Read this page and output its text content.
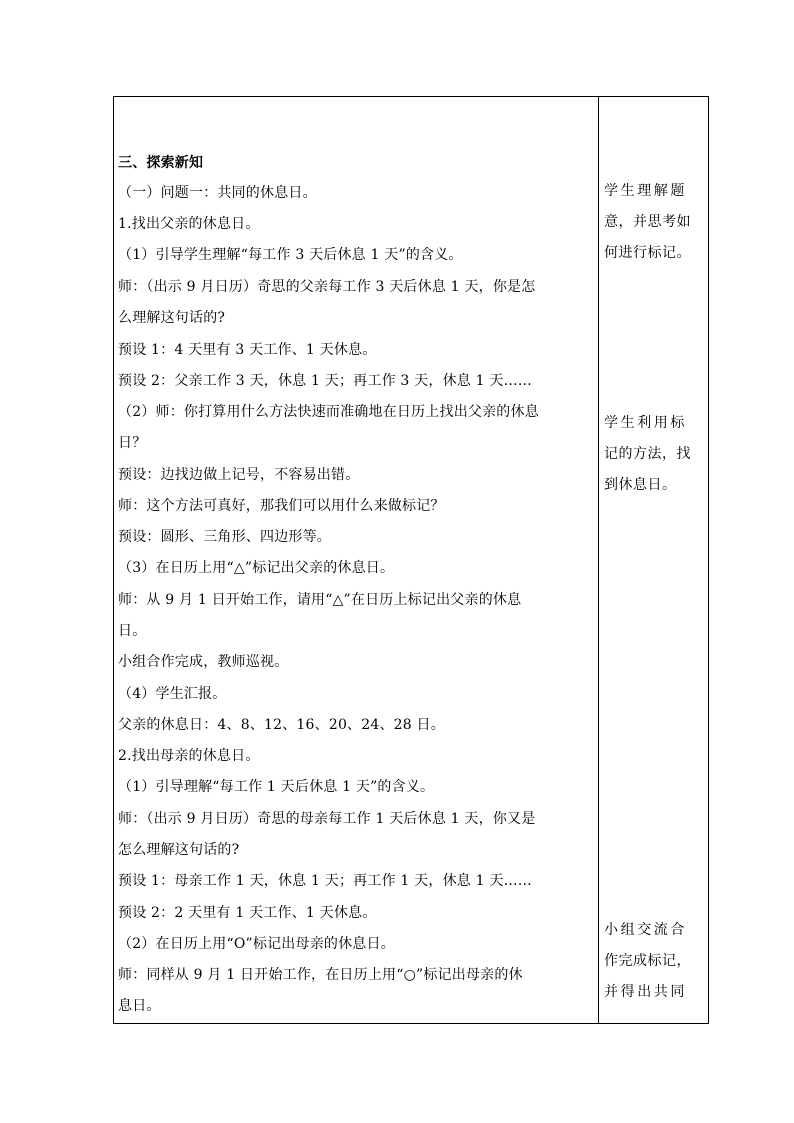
三、探索新知
（一）问题一：共同的休息日。
1.找出父亲的休息日。
（1）引导学生理解“每工作 3 天后休息 1 天”的含义。
师：（出示 9 月日历）奇思的父亲每工作 3 天后休息 1 天，你是怎
么理解这句话的?
预设 1：4 天里有 3 天工作、1 天休息。
预设 2：父亲工作 3 天，休息 1 天；再工作 3 天，休息 1 天……
（2）师：你打算用什么方法快速而准确地在日历上找出父亲的休息
日？
预设：边找边做上记号，不容易出错。
师：这个方法可真好，那我们可以用什么来做标记？
预设：圆形、三角形、四边形等。
（3）在日历上用“△”标记出父亲的休息日。
师：从 9 月 1 日开始工作，请用“△”在日历上标记出父亲的休息
日。
小组合作完成，教师巡视。
（4）学生汇报。
父亲的休息日：4、8、12、16、20、24、28 日。
2.找出母亲的休息日。
（1）引导理解“每工作 1 天后休息 1 天”的含义。
师：（出示 9 月日历）奇思的母亲每工作 1 天后休息 1 天，你又是
怎么理解这句话的?
预设 1：母亲工作 1 天，休息 1 天；再工作 1 天，休息 1 天……
预设 2：2 天里有 1 天工作、1 天休息。
（2）在日历上用“O”标记出母亲的休息日。
师：同样从 9 月 1 日开始工作，在日历上用“○”标记出母亲的休
息日。
学生理解题
意，并思考如
何进行标记。
学生利用标
记的方法，找
到休息日。
小组交流合
作完成标记，
并得出共同
